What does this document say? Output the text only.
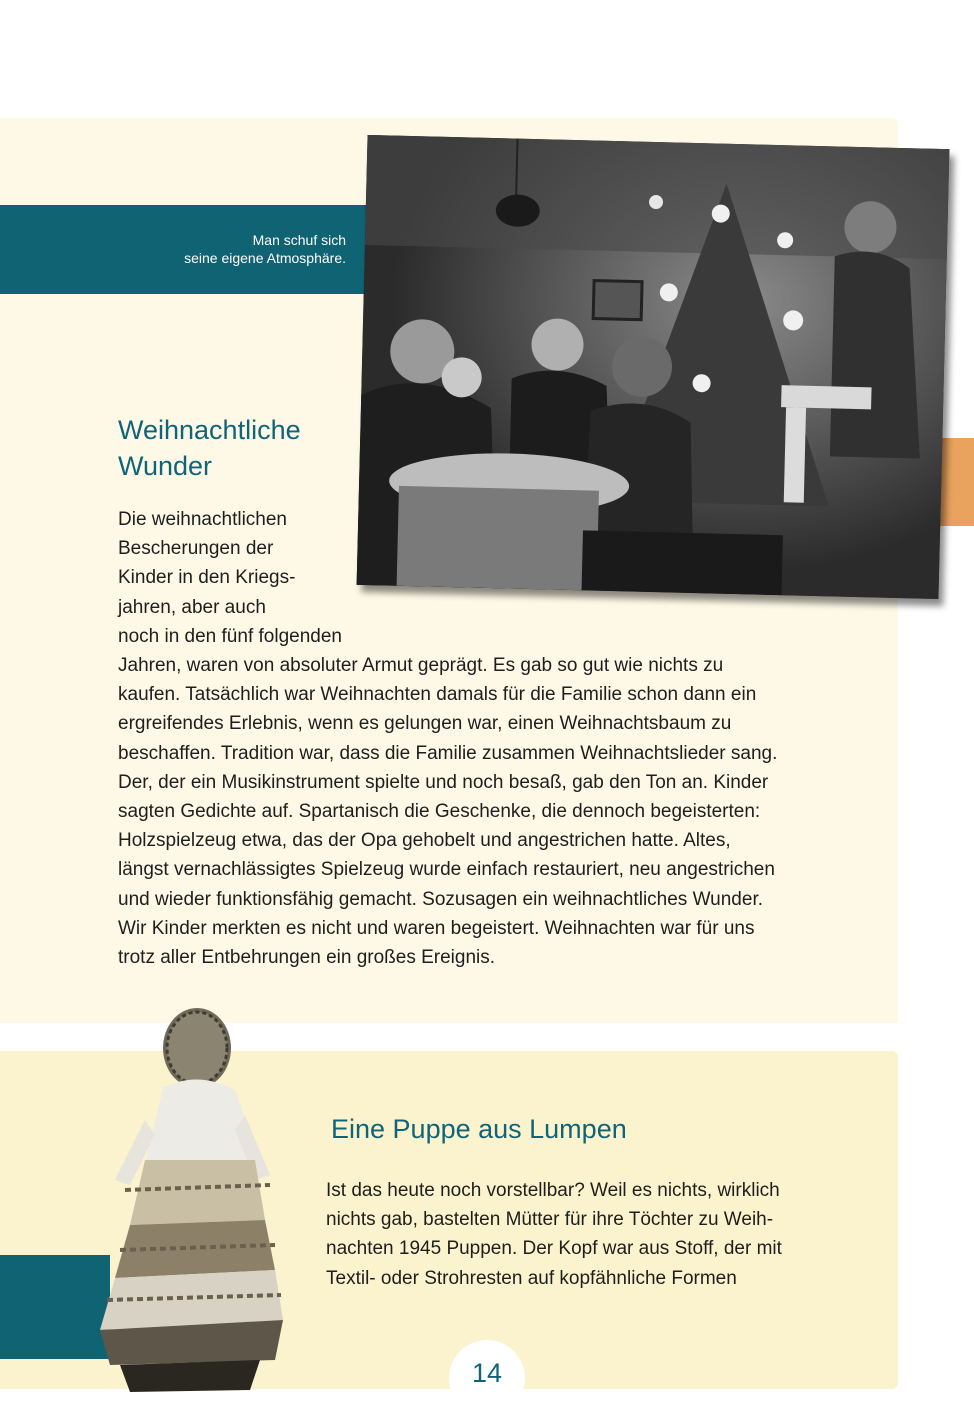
Man schuf sich
seine eigene Atmosphäre.
Weihnachtliche
Wunder
Die weihnachtlichen
Bescherungen der
Kinder in den Kriegs-
jahren, aber auch
noch in den fünf folgenden
Jahren, waren von absoluter Armut geprägt. Es gab so gut wie nichts zu
kaufen. Tatsächlich war Weihnachten damals für die Familie schon dann ein
ergreifendes Erlebnis, wenn es gelungen war, einen Weihnachtsbaum zu
beschaffen. Tradition war, dass die Familie zusammen Weihnachtslieder sang.
Der, der ein Musikinstrument spielte und noch besaß, gab den Ton an. Kinder
sagten Gedichte auf. Spartanisch die Geschenke, die dennoch begeisterten:
Holzspielzeug etwa, das der Opa gehobelt und angestrichen hatte. Altes,
längst vernachlässigtes Spielzeug wurde einfach restauriert, neu angestrichen
und wieder funktionsfähig gemacht. Sozusagen ein weihnachtliches Wunder.
Wir Kinder merkten es nicht und waren begeistert. Weihnachten war für uns
trotz aller Entbehrungen ein großes Ereignis.
Eine Puppe aus Lumpen
Ist das heute noch vorstellbar? Weil es nichts, wirklich
nichts gab, bastelten Mütter für ihre Töchter zu Weih-
nachten 1945 Puppen. Der Kopf war aus Stoff, der mit
Textil- oder Strohresten auf kopfähnliche Formen
14
